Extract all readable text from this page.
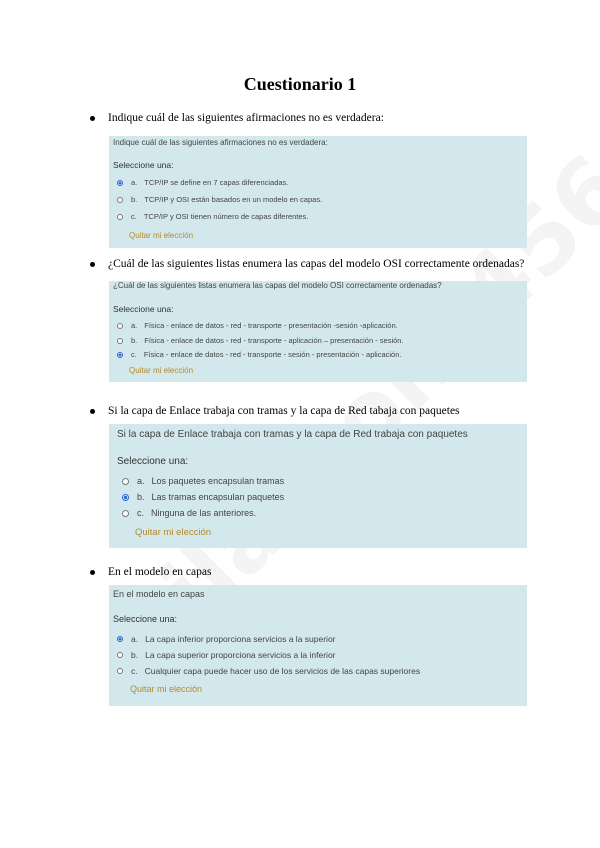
Cuestionario 1
Indique cuál de las siguientes afirmaciones no es verdadera:
Indique cuál de las siguientes afirmaciones no es verdadera:
Seleccione una:
a. TCP/IP se define en 7 capas diferenciadas.
b. TCP/IP y OSI están basados en un modelo en capas.
c. TCP/IP y OSI tienen número de capas diferentes.
Quitar mi elección
¿Cuál de las siguientes listas enumera las capas del modelo OSI correctamente ordenadas?
¿Cuál de las siguientes listas enumera las capas del modelo OSI correctamente ordenadas?
Seleccione una:
a. Física - enlace de datos - red - transporte - presentación -sesión -aplicación.
b. Física - enlace de datos - red - transporte - aplicación – presentación - sesión.
c. Física - enlace de datos - red - transporte - sesión - presentación - aplicación.
Quitar mi elección
Si la capa de Enlace trabaja con tramas y la capa de Red tabaja con paquetes
Si la capa de Enlace trabaja con tramas y la capa de Red trabaja con paquetes
Seleccione una:
a. Los paquetes encapsulan tramas
b. Las tramas encapsulan paquetes
c. Ninguna de las anteriores.
Quitar mi elección
En el modelo en capas
En el modelo en capas
Seleccione una:
a. La capa inferior proporciona servicios a la superior
b. La capa superior proporciona servicios a la inferior
c. Cualquier capa puede hacer uso de los servicios de las capas superiores
Quitar mi elección
